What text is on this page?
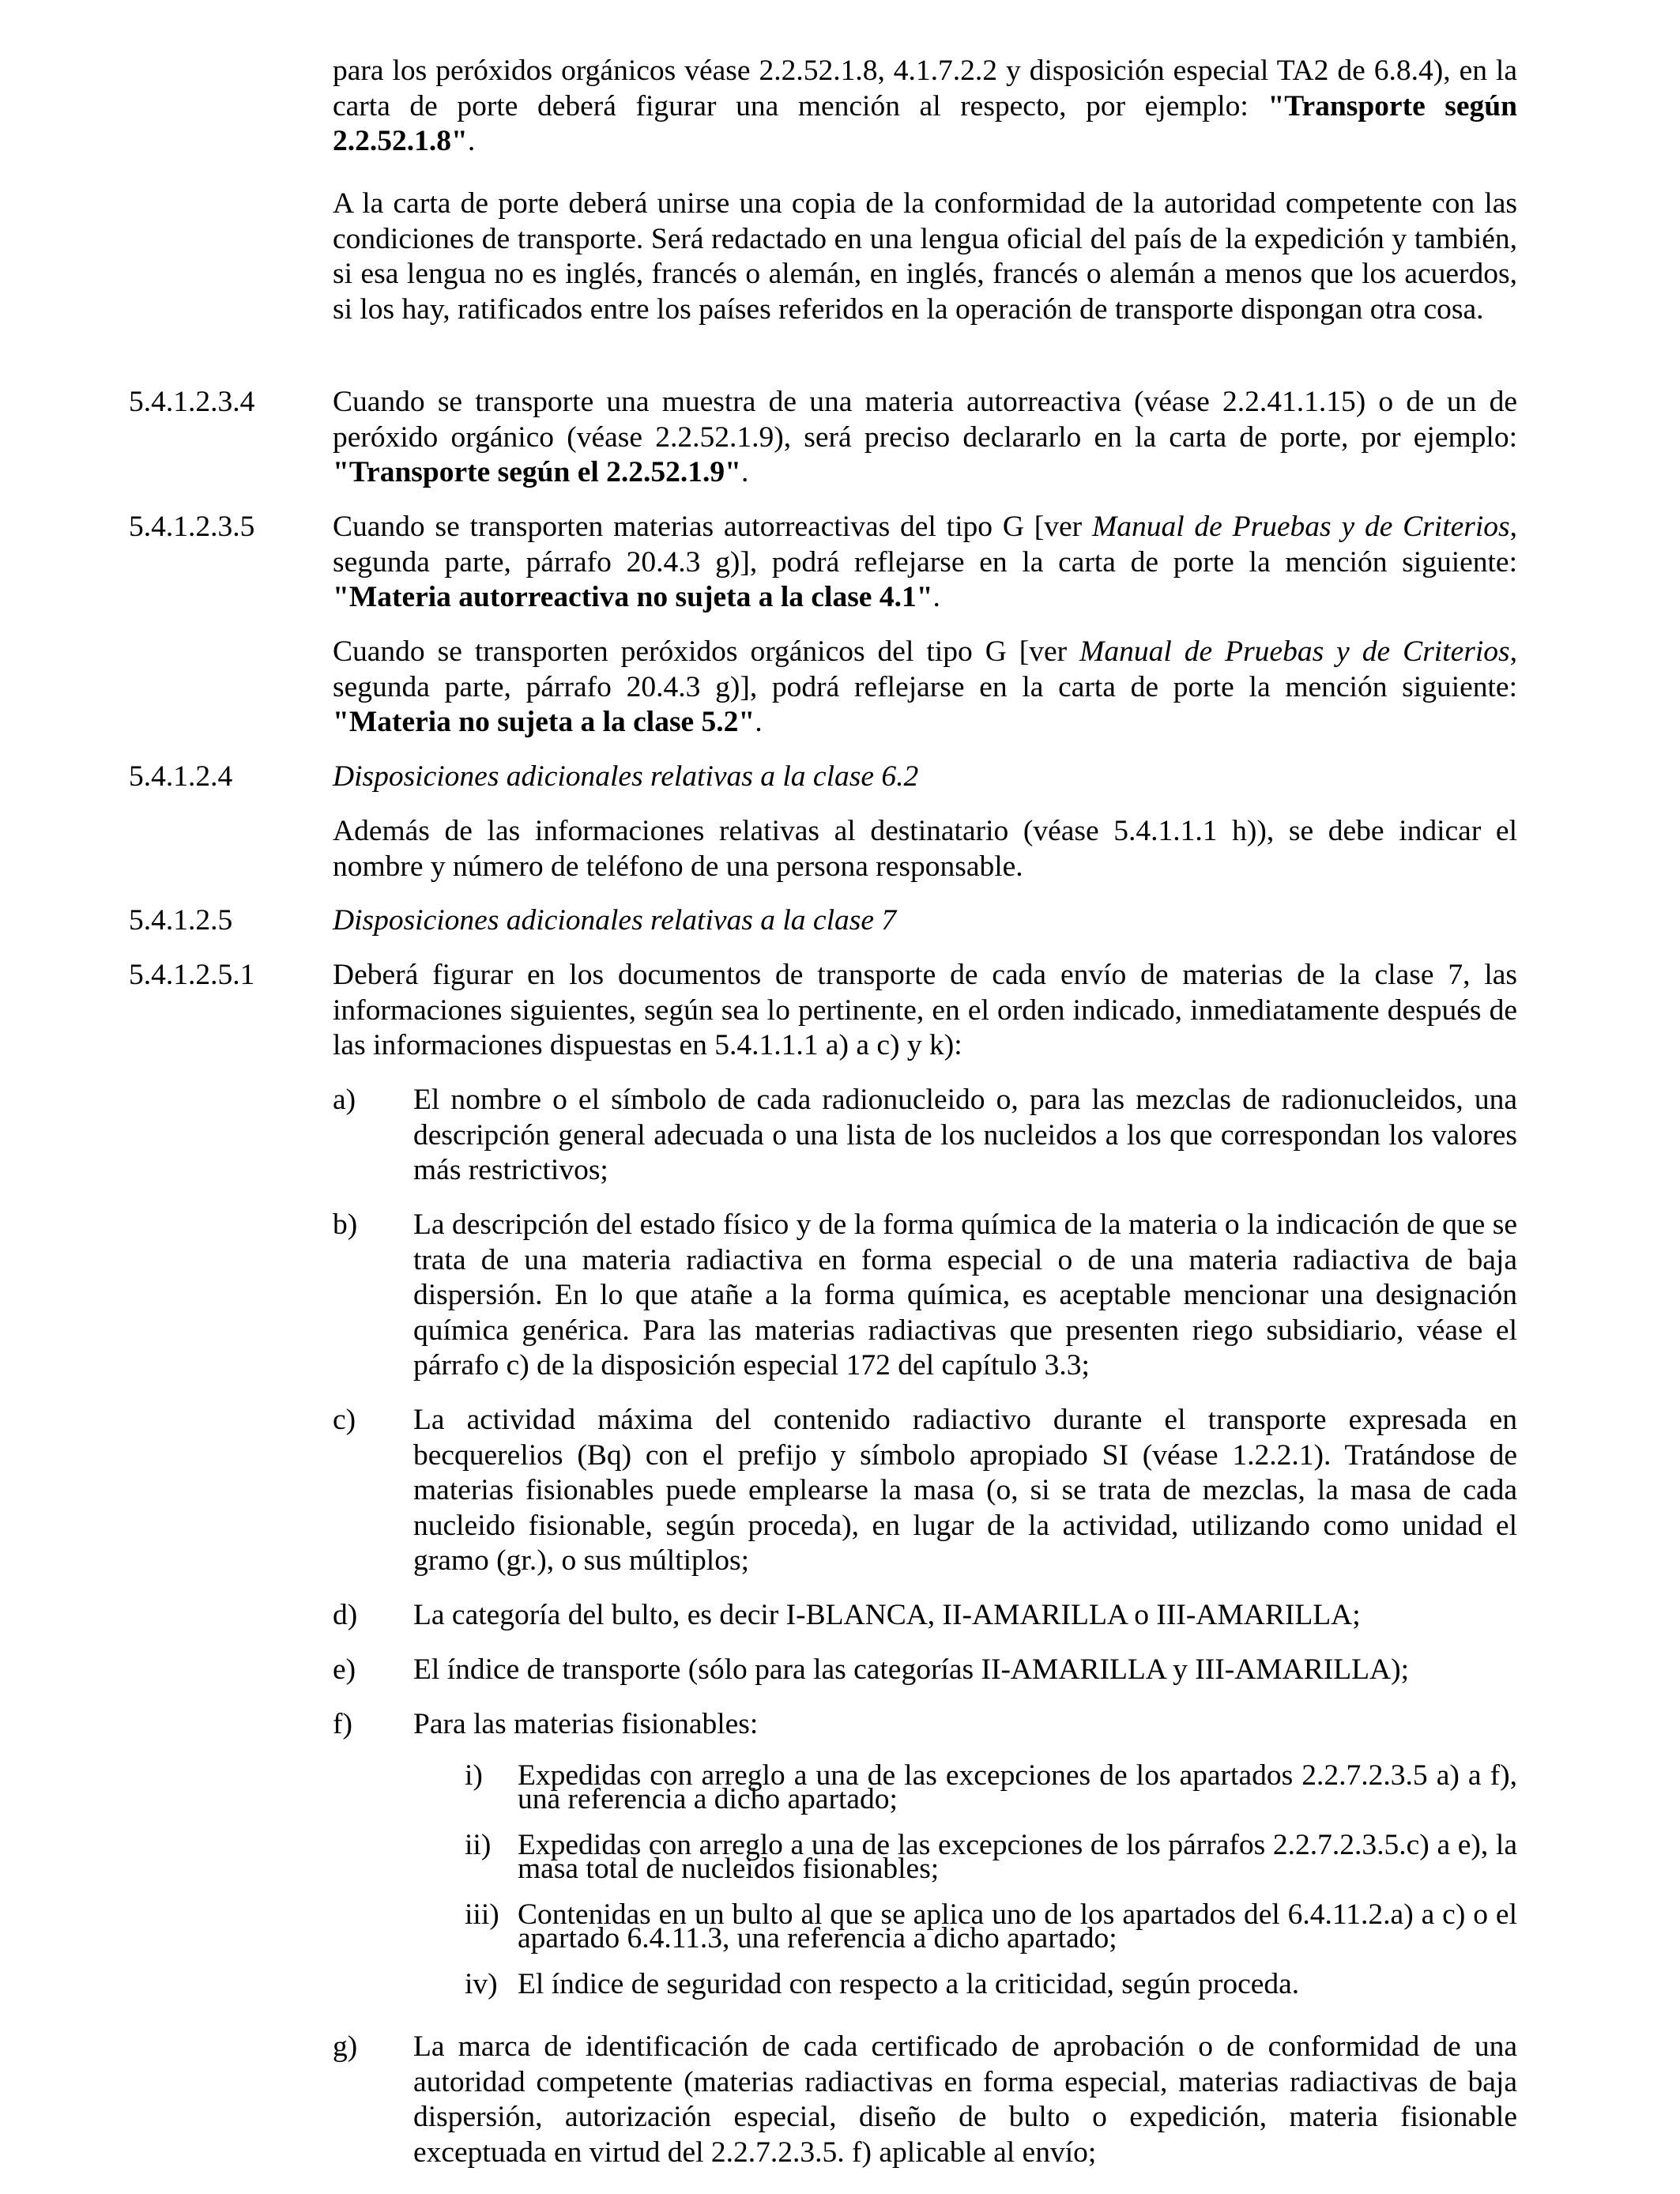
para los peróxidos orgánicos véase 2.2.52.1.8, 4.1.7.2.2 y disposición especial TA2 de 6.8.4), en la carta de porte deberá figurar una mención al respecto, por ejemplo: "Transporte según 2.2.52.1.8".
A la carta de porte deberá unirse una copia de la conformidad de la autoridad competente con las condiciones de transporte. Será redactado en una lengua oficial del país de la expedición y también, si esa lengua no es inglés, francés o alemán, en inglés, francés o alemán a menos que los acuerdos, si los hay, ratificados entre los países referidos en la operación de transporte dispongan otra cosa.
5.4.1.2.3.4	Cuando se transporte una muestra de una materia autorreactiva (véase 2.2.41.1.15) o de un de peróxido orgánico (véase 2.2.52.1.9), será preciso declararlo en la carta de porte, por ejemplo: "Transporte según el 2.2.52.1.9".
5.4.1.2.3.5	Cuando se transporten materias autorreactivas del tipo G [ver Manual de Pruebas y de Criterios, segunda parte, párrafo 20.4.3 g)], podrá reflejarse en la carta de porte la mención siguiente: "Materia autorreactiva no sujeta a la clase 4.1".
Cuando se transporten peróxidos orgánicos del tipo G [ver Manual de Pruebas y de Criterios, segunda parte, párrafo 20.4.3 g)], podrá reflejarse en la carta de porte la mención siguiente: "Materia no sujeta a la clase 5.2".
5.4.1.2.4	Disposiciones adicionales relativas a la clase 6.2
Además de las informaciones relativas al destinatario (véase 5.4.1.1.1 h)), se debe indicar el nombre y número de teléfono de una persona responsable.
5.4.1.2.5	Disposiciones adicionales relativas a la clase 7
5.4.1.2.5.1	Deberá figurar en los documentos de transporte de cada envío de materias de la clase 7, las informaciones siguientes, según sea lo pertinente, en el orden indicado, inmediatamente después de las informaciones dispuestas en 5.4.1.1.1 a) a c) y k):
a) El nombre o el símbolo de cada radionucleido o, para las mezclas de radionucleidos, una descripción general adecuada o una lista de los nucleidos a los que correspondan los valores más restrictivos;
b) La descripción del estado físico y de la forma química de la materia o la indicación de que se trata de una materia radiactiva en forma especial o de una materia radiactiva de baja dispersión. En lo que atañe a la forma química, es aceptable mencionar una designación química genérica. Para las materias radiactivas que presenten riego subsidiario, véase el párrafo c) de la disposición especial 172 del capítulo 3.3;
c) La actividad máxima del contenido radiactivo durante el transporte expresada en becquerelios (Bq) con el prefijo y símbolo apropiado SI (véase 1.2.2.1). Tratándose de materias fisionables puede emplearse la masa (o, si se trata de mezclas, la masa de cada nucleido fisionable, según proceda), en lugar de la actividad, utilizando como unidad el gramo (gr.), o sus múltiplos;
d) La categoría del bulto, es decir I-BLANCA, II-AMARILLA o III-AMARILLA;
e) El índice de transporte (sólo para las categorías II-AMARILLA y III-AMARILLA);
f) Para las materias fisionables:
i) Expedidas con arreglo a una de las excepciones de los apartados 2.2.7.2.3.5 a) a f), una referencia a dicho apartado;
ii) Expedidas con arreglo a una de las excepciones de los párrafos 2.2.7.2.3.5.c) a e), la masa total de nucleidos fisionables;
iii) Contenidas en un bulto al que se aplica uno de los apartados del 6.4.11.2.a) a c) o el apartado 6.4.11.3, una referencia a dicho apartado;
iv) El índice de seguridad con respecto a la criticidad, según proceda.
g) La marca de identificación de cada certificado de aprobación o de conformidad de una autoridad competente (materias radiactivas en forma especial, materias radiactivas de baja dispersión, autorización especial, diseño de bulto o expedición, materia fisionable exceptuada en virtud del 2.2.7.2.3.5. f) aplicable al envío;
